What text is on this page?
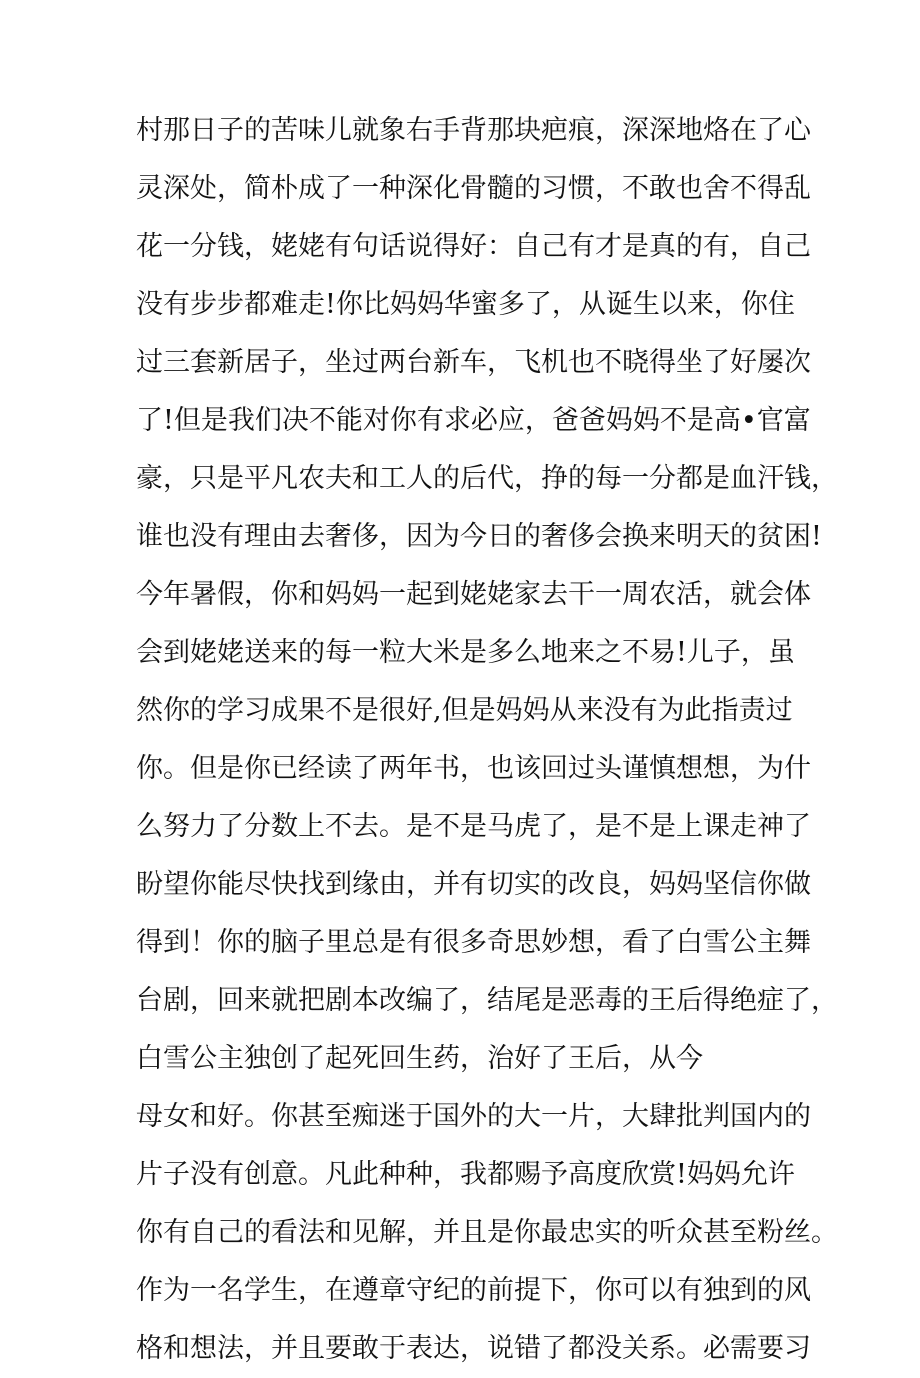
村那日子的苦味儿就象右手背那块疤痕，深深地烙在了心
灵深处，简朴成了一种深化骨髓的习惯，不敢也舍不得乱
花一分钱，姥姥有句话说得好：自己有才是真的有，自己
没有步步都难走!你比妈妈华蜜多了，从诞生以来，你住
过三套新居子，坐过两台新车，飞机也不晓得坐了好屡次
了!但是我们决不能对你有求必应，爸爸妈妈不是高•官富
豪，只是平凡农夫和工人的后代，挣的每一分都是血汗钱，
谁也没有理由去奢侈，因为今日的奢侈会换来明天的贫困!
今年暑假，你和妈妈一起到姥姥家去干一周农活，就会体
会到姥姥送来的每一粒大米是多么地来之不易!儿子，虽
然你的学习成果不是很好,但是妈妈从来没有为此指责过
你。但是你已经读了两年书，也该回过头谨慎想想，为什
么努力了分数上不去。是不是马虎了，是不是上课走神了
盼望你能尽快找到缘由，并有切实的改良，妈妈坚信你做
得到！你的脑子里总是有很多奇思妙想，看了白雪公主舞
台剧，回来就把剧本改编了，结尾是恶毒的王后得绝症了，
白雪公主独创了起死回生药，治好了王后，从今
母女和好。你甚至痴迷于国外的大一片，大肆批判国内的
片子没有创意。凡此种种，我都赐予高度欣赏!妈妈允许
你有自己的看法和见解，并且是你最忠实的听众甚至粉丝。
作为一名学生，在遵章守纪的前提下，你可以有独到的风
格和想法，并且要敢于表达，说错了都没关系。必需要习
